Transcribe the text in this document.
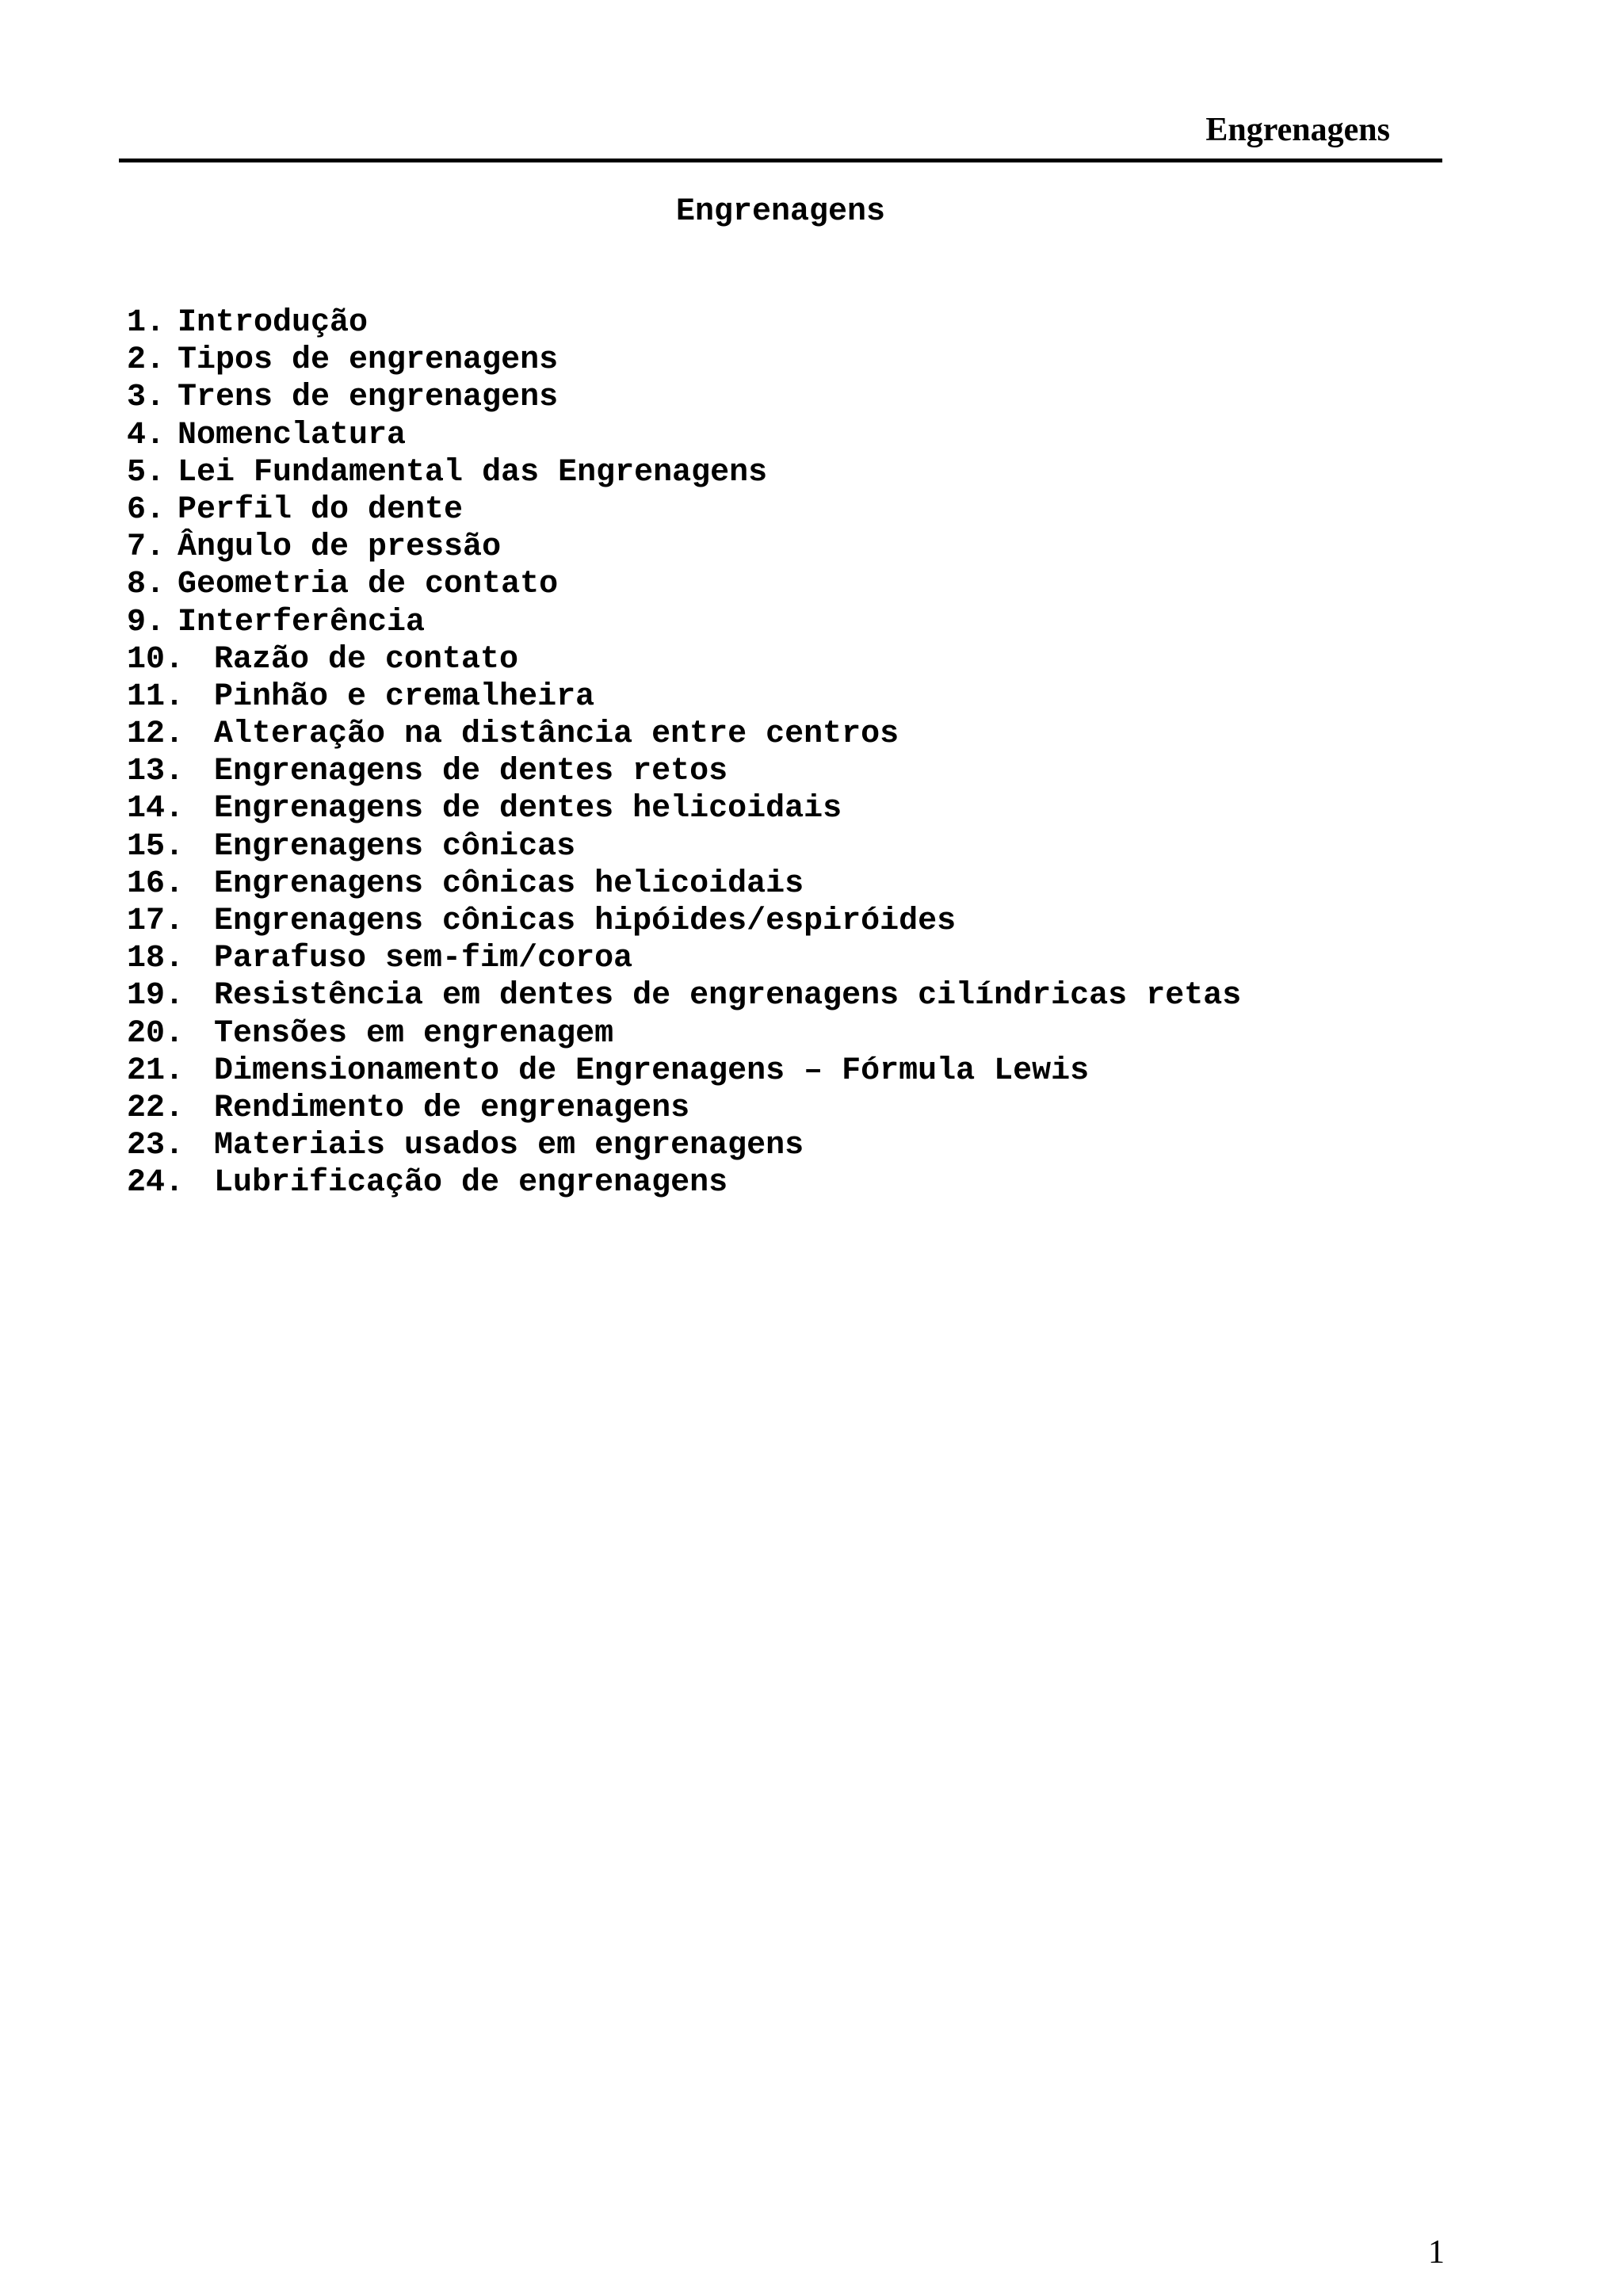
Engrenagens
Engrenagens
1. Introdução
2. Tipos de engrenagens
3. Trens de engrenagens
4. Nomenclatura
5. Lei Fundamental das Engrenagens
6. Perfil do dente
7. Ângulo de pressão
8. Geometria de contato
9. Interferência
10. Razão de contato
11. Pinhão e cremalheira
12. Alteração na distância entre centros
13. Engrenagens de dentes retos
14. Engrenagens de dentes helicoidais
15. Engrenagens cônicas
16. Engrenagens cônicas helicoidais
17. Engrenagens cônicas hipóides/espiróides
18. Parafuso sem-fim/coroa
19. Resistência em dentes de engrenagens cilíndricas retas
20. Tensões em engrenagem
21. Dimensionamento de Engrenagens – Fórmula Lewis
22. Rendimento de engrenagens
23. Materiais usados em engrenagens
24. Lubrificação de engrenagens
1
